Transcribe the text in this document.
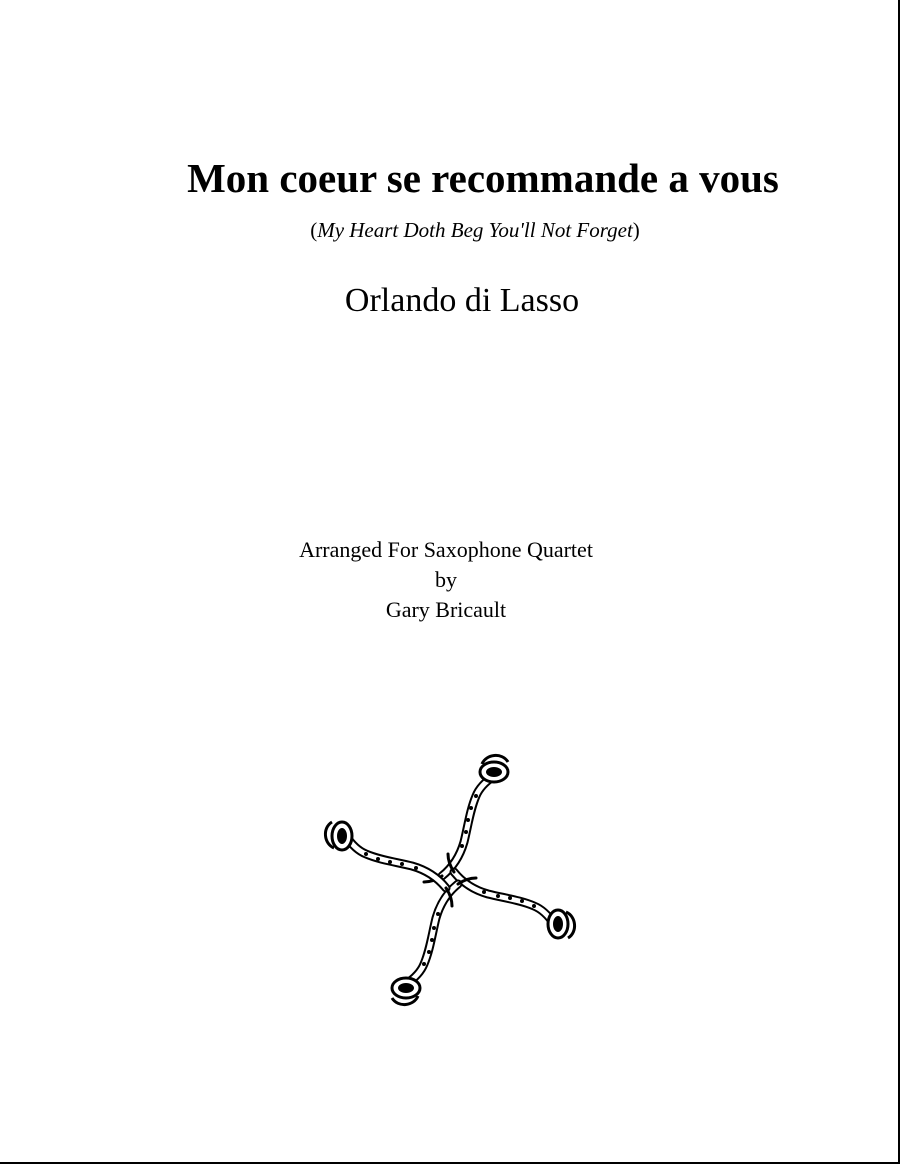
Mon coeur se recommande a vous

(My Heart Doth Beg You'll Not Forget)

Orlando di Lasso

Arranged For Saxophone Quartet
by
Gary Bricault
